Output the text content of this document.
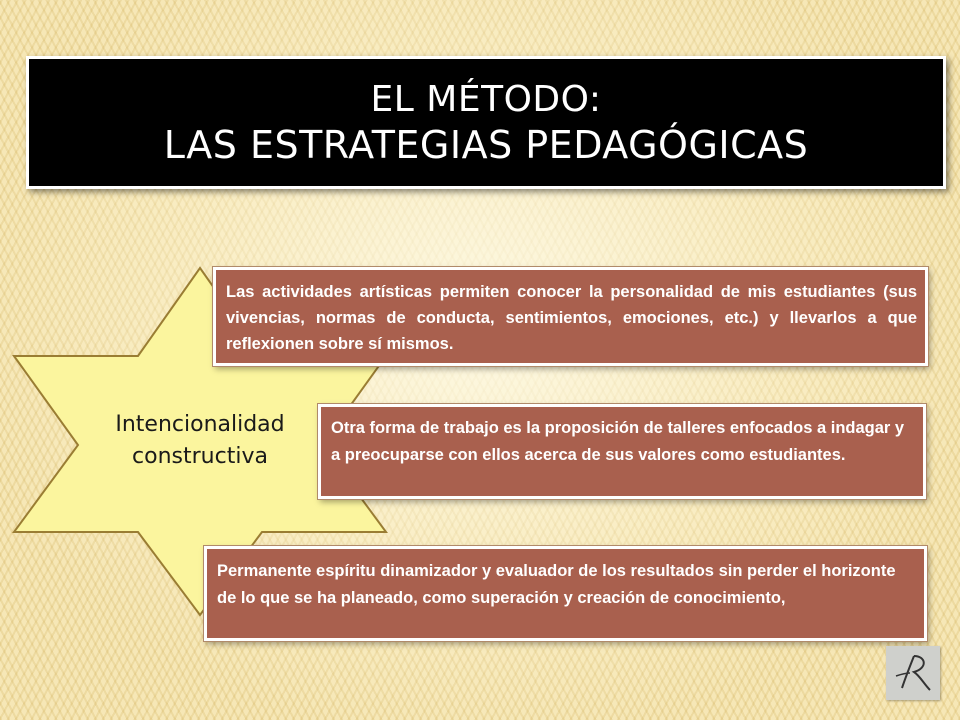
EL MÉTODO:
LAS ESTRATEGIAS PEDAGÓGICAS
Intencionalidad constructiva
Las actividades artísticas permiten conocer la personalidad de mis estudiantes (sus vivencias, normas de conducta, sentimientos, emociones, etc.) y llevarlos a que reflexionen sobre sí mismos.
Otra forma de trabajo es la proposición de talleres enfocados a indagar y a preocuparse con ellos acerca de sus valores como estudiantes.
Permanente espíritu dinamizador y evaluador de los resultados sin perder el horizonte de lo que se ha planeado, como superación y creación de conocimiento,
